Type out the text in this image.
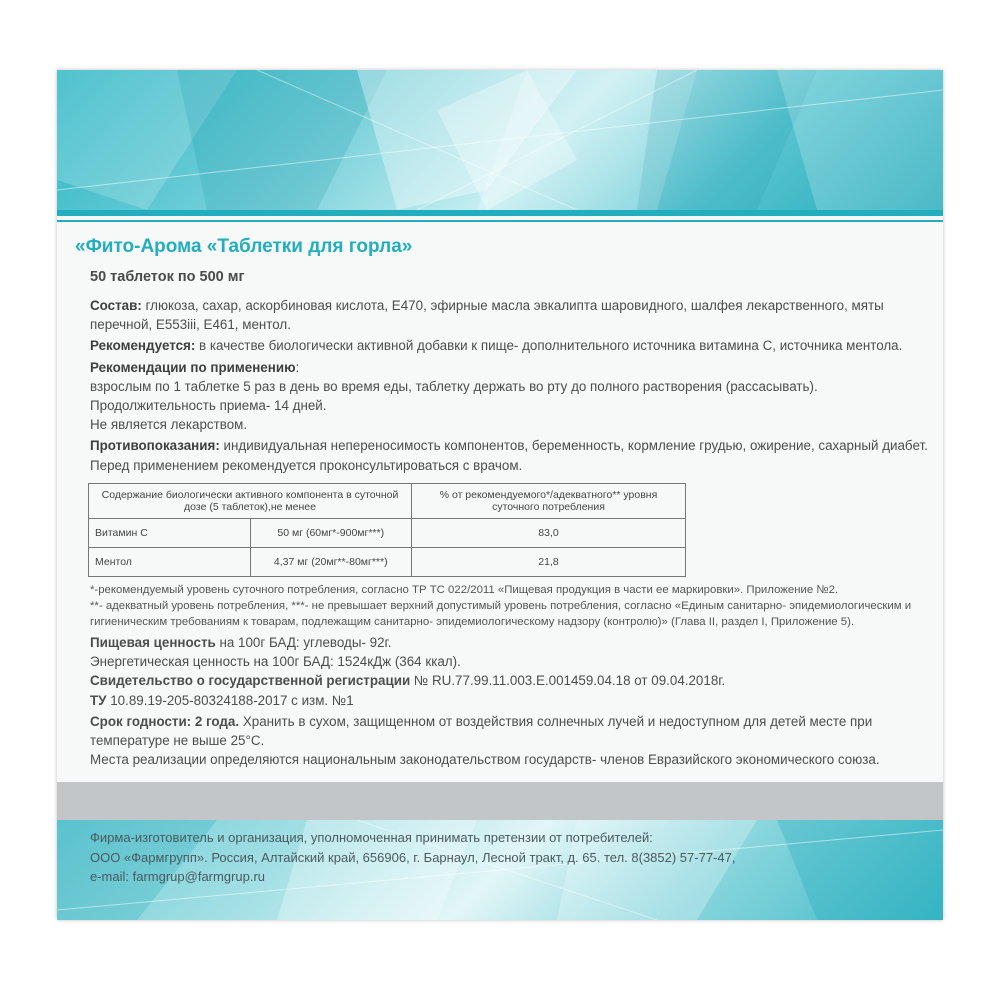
«Фито-Арома «Таблетки для горла»
50 таблеток по 500 мг

Состав: глюкоза, сахар, аскорбиновая кислота, Е470, эфирные масла эвкалипта шаровидного, шалфея лекарственного, мяты перечной, Е553iii, Е461, ментол.

Рекомендуется: в качестве биологически активной добавки к пище- дополнительного источника витамина С, источника ментола.

Рекомендации по применению:

взрослым по 1 таблетке 5 раз в день во время еды, таблетку держать во рту до полного растворения (рассасывать).

Продолжительность приема- 14 дней.

Не является лекарством.

Противопоказания: индивидуальная непереносимость компонентов, беременность, кормление грудью, ожирение, сахарный диабет. Перед применением рекомендуется проконсультироваться с врачом.

Содержание биологически активного компонента в суточной дозе (5 таблеток),не менее		% от рекомендуемого*/адекватного** уровня суточного потребления
Витамин С	50 мг (60мг*-900мг***)	83,0
Ментол	4,37 мг (20мг**-80мг***)	21,8

*-рекомендуемый уровень суточного потребления, согласно ТР ТС 022/2011 «Пищевая продукция в части ее маркировки». Приложение №2.

**- адекватный уровень потребления, ***- не превышает верхний допустимый уровень потребления, согласно «Единым санитарно- эпидемиологическим и гигиеническим требованиям к товарам, подлежащим санитарно- эпидемиологическому надзору (контролю)» (Глава II, раздел I, Приложение 5).

Пищевая ценность на 100г БАД: углеводы- 92г.

Энергетическая ценность на 100г БАД: 1524кДж (364 ккал).

Свидетельство о государственной регистрации № RU.77.99.11.003.Е.001459.04.18 от 09.04.2018г.

ТУ 10.89.19-205-80324188-2017 с изм. №1

Срок годности: 2 года. Хранить в сухом, защищенном от воздействия солнечных лучей и недоступном для детей месте при температуре не выше 25°С.

Места реализации определяются национальным законодательством государств- членов Евразийского экономического союза.

Фирма-изготовитель и организация, уполномоченная принимать претензии от потребителей:

ООО «Фармгрупп». Россия, Алтайский край, 656906, г. Барнаул, Лесной тракт, д. 65. тел. 8(3852) 57-77-47,

e-mail: farmgrup@farmgrup.ru
